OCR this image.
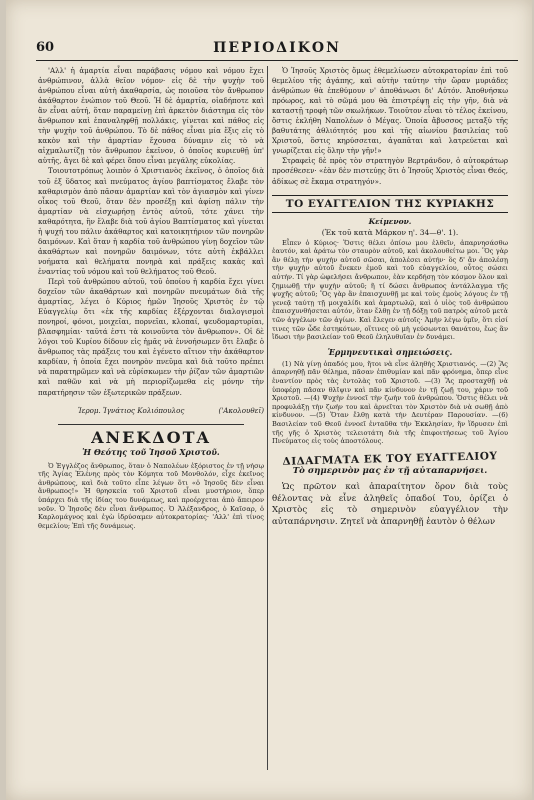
60	ΠΕΡΙΟΔΙΚΟΝ

'Αλλ' ἡ ἁμαρτία εἶναι παράβασις νόμου καὶ νόμου ἔχει ἀνθρώπινον, ἀλλὰ θεῖον νόμον· εἰς δὲ τὴν ψυχὴν τοῦ ἀνθρώπου εἶναι αὐτὴ ἀκαθαρσία, ὡς ποιοῦσα τὸν ἄνθρωπον ἀκάθαρτον ἐνώπιον τοῦ Θεοῦ. Ἡ δὲ ἁμαρτία, οἱαδήποτε καὶ ἂν εἶναι αὐτή, ὅταν παραμείνῃ ἐπὶ ἀρκετὸν διάστημα εἰς τὸν ἄνθρωπον καὶ ἐπαναληφθῇ πολλάκις, γίνεται καὶ πάθος εἰς τὴν ψυχὴν τοῦ ἀνθρώπου. Τὸ δὲ πάθος εἶναι μία ἕξις εἰς τὸ κακὸν καὶ τὴν ἁμαρτίαν ἔχουσα δύναμιν εἰς τὸ νὰ αἰχμαλωτίζῃ τὸν ἄνθρωπον ἐκεῖνον, ὁ ὁποῖος κυριευθῇ ὑπ' αὐτῆς, ἄγει δὲ καὶ φέρει ὅπου εἶναι μεγάλης εὐκολίας.

Τοιουτοτρόπως λοιπὸν ὁ Χριστιανὸς ἐκεῖνος, ὁ ὁποῖος διὰ τοῦ ἐξ ὕδατος καὶ πνεύματος ἁγίου βαπτίσματος ἔλαβε τὸν καθαρισμὸν ἀπὸ πᾶσαν ἁμαρτίαν καὶ τὸν ἁγιασμὸν καὶ γίνεν οἶκος τοῦ Θεοῦ, ὅταν δὲν προσέξῃ καὶ ἀφίσῃ πάλιν τὴν ἁμαρτίαν νὰ εἰσχωρήσῃ ἐντὸς αὐτοῦ, τότε χάνει τὴν καθαρότητα, ἣν ἔλαβε διὰ τοῦ ἁγίου Βαπτίσματος καὶ γίνεται ἡ ψυχή του πάλιν ἀκάθαρτος καὶ κατοικητήριον τῶν πονηρῶν δαιμόνων. Καὶ ὅταν ἡ καρδία τοῦ ἀνθρώπου γίνῃ δοχεῖον τῶν ἀκαθάρτων καὶ πονηρῶν δαιμόνων, τότε αὐτὴ ἐκβάλλει νοήματα καὶ θελήματα πονηρὰ καὶ πράξεις κακὰς καὶ ἐναντίας τοῦ νόμου καὶ τοῦ θελήματος τοῦ Θεοῦ.

Περὶ τοῦ ἀνθρώπου αὐτοῦ, τοῦ ὁποίου ἡ καρδία ἔχει γίνει δοχεῖον τῶν ἀκαθάρτων καὶ πονηρῶν πνευμάτων διὰ τῆς ἁμαρτίας, λέγει ὁ Κύριος ἡμῶν Ἰησοῦς Χριστὸς ἐν τῷ Εὐαγγελίῳ ὅτι «ἐκ τῆς καρδίας ἐξέρχονται διαλογισμοὶ πονηροί, φόνοι, μοιχεῖαι, πορνεῖαι, κλοπαί, ψευδομαρτυρίαι, βλασφημίαι· ταῦτά ἐστι τὰ κοινοῦντα τὸν ἄνθρωπον». Οἱ δὲ λόγοι τοῦ Κυρίου δίδουν εἰς ἡμᾶς νὰ ἐννοήσωμεν ὅτι ἔλαβε ὁ ἄνθρωπος τὰς πράξεις του καὶ ἐγένετο αἴτιον τὴν ἀκάθαρτον καρδίαν, ἡ ὁποία ἔχει πονηρὸν πνεῦμα καὶ διὰ τοῦτο πρέπει νὰ παρατηρῶμεν καὶ νὰ εὑρίσκωμεν τὴν ῥίζαν τῶν ἁμαρτιῶν καὶ παθῶν καὶ νὰ μὴ περιορίζωμεθα εἰς μόνην τὴν παρατήρησιν τῶν ἐξωτερικῶν πράξεων.

Ἱερομ. Ἰγνάτιος Κολιόπουλος	('Ακολουθεῖ)
ΑΝΕΚΔΟΤΑ

Ἡ Θεότης τοῦ Ἰησοῦ Χριστοῦ.

Ὁ Ἐγγλέζος ἄνθρωπος, ὅταν ὁ Ναπολέων ἐξόριστος ἐν τῇ νήσῳ τῆς Ἁγίας Ἑλένης πρὸς τὸν Κόμητα τοῦ Μονθολόν, εἶχε ἐκεῖνος ἀνθρώπους, καὶ διὰ τοῦτο εἶπε λέγων ὅτι «ὁ Ἰησοῦς δὲν εἶναι ἄνθρωπος!» Ἡ θρησκεία τοῦ Χριστοῦ εἶναι μυστήριον, ὅπερ ὑπάρχει διὰ τῆς ἰδίας του δυνάμεως, καὶ προέρχεται ἀπὸ ἄπειρον νοῦν. Ὁ Ἰησοῦς δὲν εἶναι ἄνθρωπος. Ὁ Ἀλέξανδρος, ὁ Καῖσαρ, ὁ Καρλομάγνος καὶ ἐγὼ ἱδρύσαμεν αὐτοκρατορίας· 'Αλλ' ἐπὶ τίνος θεμελίου; Ἐπὶ τῆς δυνάμεως.

Ὁ Ἰησοῦς Χριστὸς ὅμως ἐθεμελίωσεν αὐτοκρατορίαν ἐπὶ τοῦ θεμελίου τῆς ἀγάπης, καὶ αὐτὴν ταύτην τὴν ὥραν μυριάδες ἀνθρώπων θὰ ἐπεθύμουν ν' ἀποθάνωσι δι' Αὐτόν. Ἀποθνήσκω πρόωρος, καὶ τὸ σῶμά μου θὰ ἐπιστρέψῃ εἰς τὴν γῆν, διὰ νὰ καταστῇ τροφὴ τῶν σκωλήκων. Τοιοῦτον εἶναι τὸ τέλος ἐκείνου, ὅστις ἐκλήθη Ναπολέων ὁ Μέγας. Ὁποία ἄβυσσος μεταξὺ τῆς βαθυτάτης ἀθλιότητός μου καὶ τῆς αἰωνίου βασιλείας τοῦ Χριστοῦ, ὅστις κηρύσσεται, ἀγαπᾶται καὶ λατρεύεται καὶ γνωρίζεται εἰς ὅλην τὴν γῆν!»

Στραφεὶς δὲ πρὸς τὸν στρατηγὸν Βερτράνδον, ὁ αὐτοκράτωρ προσέθεσεν· «ἐὰν δὲν πιστεύῃς ὅτι ὁ Ἰησοῦς Χριστὸς εἶναι Θεός, ἀδίκως σὲ ἔκαμα στρατηγόν».

ΤΟ ΕΥΑΓΓΕΛΙΟΝ ΤΗΣ ΚΥΡΙΑΚΗΣ

Κείμενον.

(Ἐκ τοῦ κατὰ Μάρκον η'. 34—θ'. 1).

Εἶπεν ὁ Κύριος· Ὅστις θέλει ὀπίσω μου ἐλθεῖν, ἀπαρνησάσθω ἑαυτόν, καὶ ἀράτω τὸν σταυρὸν αὐτοῦ, καὶ ἀκολουθείτω μοι. Ὃς γὰρ ἂν θέλῃ τὴν ψυχὴν αὐτοῦ σῶσαι, ἀπολέσει αὐτήν· ὃς δ' ἂν ἀπολέσῃ τὴν ψυχὴν αὐτοῦ ἕνεκεν ἐμοῦ καὶ τοῦ εὐαγγελίου, οὗτος σώσει αὐτήν. Τί γὰρ ὠφελήσει ἄνθρωπον, ἐὰν κερδήσῃ τὸν κόσμον ὅλον καὶ ζημιωθῇ τὴν ψυχὴν αὐτοῦ; ἢ τί δώσει ἄνθρωπος ἀντάλλαγμα τῆς ψυχῆς αὐτοῦ; Ὃς γὰρ ἂν ἐπαισχυνθῇ με καὶ τοὺς ἐμοὺς λόγους ἐν τῇ γενεᾷ ταύτῃ τῇ μοιχαλίδι καὶ ἁμαρτωλῷ, καὶ ὁ υἱὸς τοῦ ἀνθρώπου ἐπαισχυνθήσεται αὐτόν, ὅταν ἔλθῃ ἐν τῇ δόξῃ τοῦ πατρὸς αὐτοῦ μετὰ τῶν ἀγγέλων τῶν ἁγίων. Καὶ ἔλεγεν αὐτοῖς· Ἀμὴν λέγω ὑμῖν, ὅτι εἰσί τινες τῶν ὧδε ἑστηκότων, οἵτινες οὐ μὴ γεύσωνται θανάτου, ἕως ἂν ἴδωσι τὴν βασιλείαν τοῦ Θεοῦ ἐληλυθυῖαν ἐν δυνάμει.

Ἑρμηνευτικαὶ σημειώσεις.

(1) Νὰ γίνῃ ὀπαδός μου, ἤτοι νὰ εἶνε ἀληθὴς Χριστιανός. —(2) Ἂς ἀπαρνηθῇ πᾶν θέλημα, πᾶσαν ἐπιθυμίαν καὶ πᾶν φρόνημα, ὅπερ εἶνε ἐναντίον πρὸς τὰς ἐντολὰς τοῦ Χριστοῦ. —(3) Ἂς προσταχθῇ νὰ ὑποφέρῃ πᾶσαν θλῖψιν καὶ πᾶν κίνδυνον ἐν τῇ ζωῇ του, χάριν τοῦ Χριστοῦ. —(4) Ψυχὴν ἐννοεῖ τὴν ζωὴν τοῦ ἀνθρώπου. Ὅστις θέλει νὰ προφυλάξῃ τὴν ζωήν του καὶ ἀρνεῖται τὸν Χριστὸν διὰ νὰ σωθῇ ἀπὸ κίνδυνον. —(5) Ὅταν ἔλθῃ κατὰ τὴν Δευτέραν Παρουσίαν. —(6) Βασιλείαν τοῦ Θεοῦ ἐννοεῖ ἐνταῦθα τὴν Ἐκκλησίαν, ἣν ἵδρυσεν ἐπὶ τῆς γῆς ὁ Χριστὸς τελειοτάτη διὰ τῆς ἐπιφοιτήσεως τοῦ Ἁγίου Πνεύματος εἰς τοὺς ἀποστόλους.

ΔΙΔΑΓΜΑΤΑ ΕΚ ΤΟΥ ΕΥΑΓΓΕΛΙΟΥ

Τὸ σημερινὸν μας ἐν τῇ αὐταπαρνήσει.

Ὡς πρῶτον καὶ ἀπαραίτητον ὅρον διὰ τοὺς θέλοντας νὰ εἶνε ἀληθεῖς ὀπαδοί Του, ὁρίζει ὁ Χριστὸς εἰς τὸ σημερινὸν εὐαγγέλιον τὴν αὐταπάρνησιν. Ζητεῖ νὰ ἀπαρνηθῇ ἑαυτὸν ὁ θέλων
